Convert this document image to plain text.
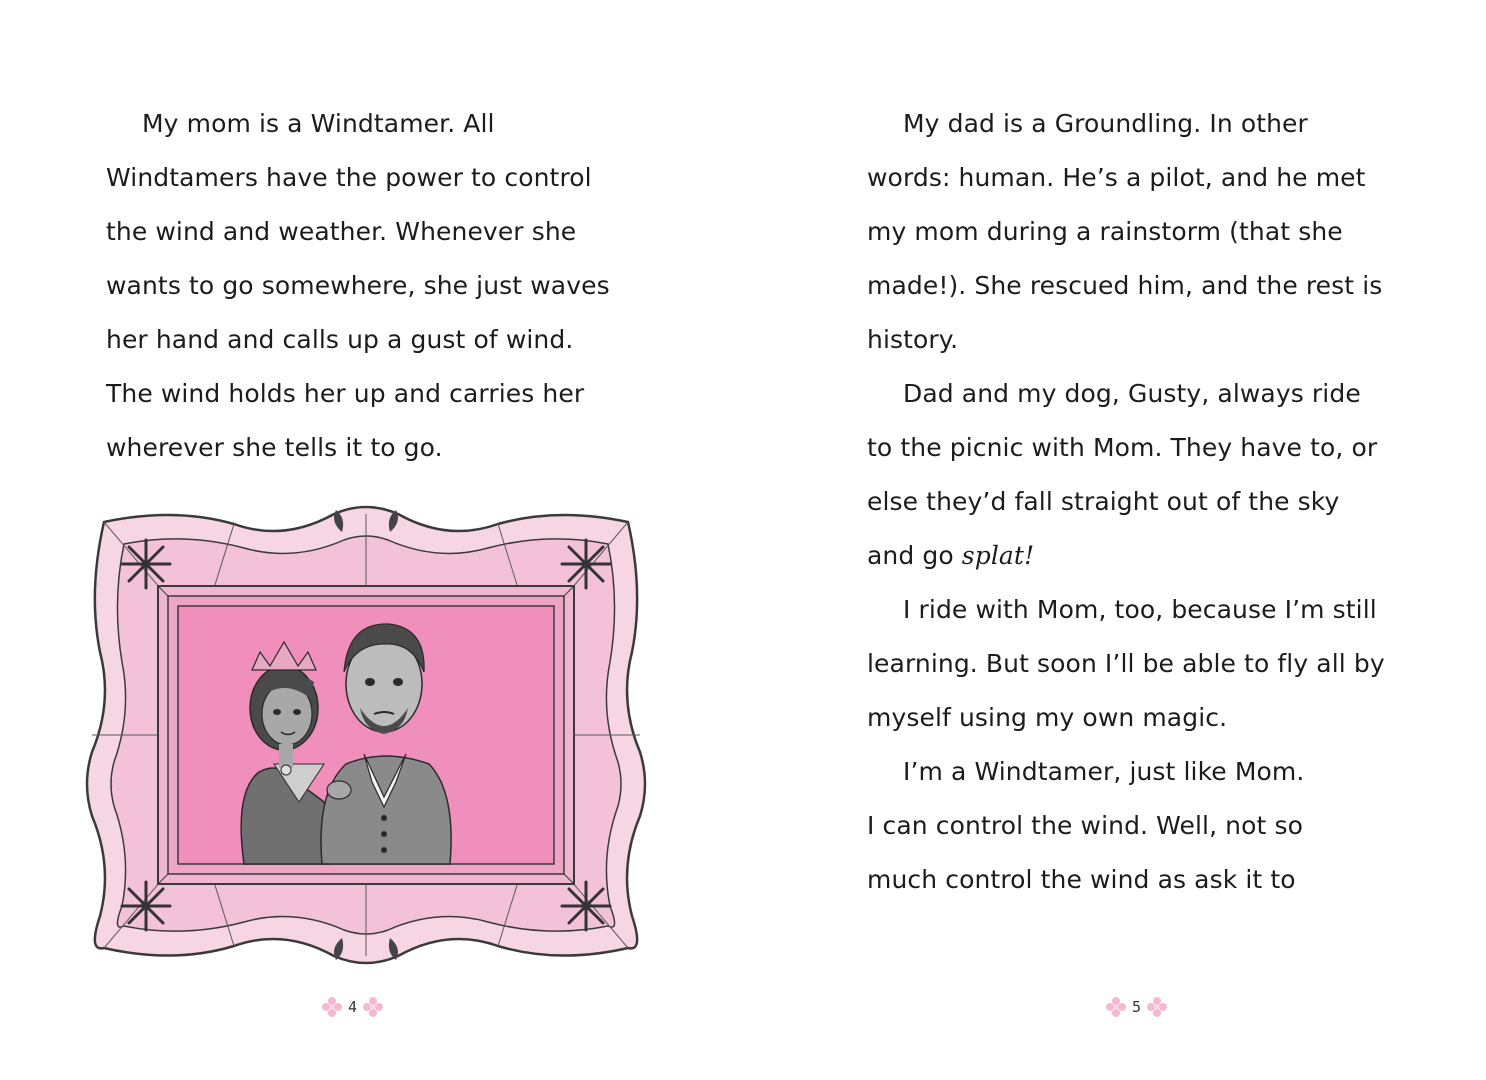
My mom is a Windtamer. All
Windtamers have the power to control
the wind and weather. Whenever she
wants to go somewhere, she just waves
her hand and calls up a gust of wind.
The wind holds her up and carries her
wherever she tells it to go.
4
My dad is a Groundling. In other
words: human. He’s a pilot, and he met
my mom during a rainstorm (that she
made!). She rescued him, and the rest is
history.
Dad and my dog, Gusty, always ride
to the picnic with Mom. They have to, or
else they’d fall straight out of the sky
and go splat!
I ride with Mom, too, because I’m still
learning. But soon I’ll be able to fly all by
myself using my own magic.
I’m a Windtamer, just like Mom.
I can control the wind. Well, not so
much control the wind as ask it to
5
